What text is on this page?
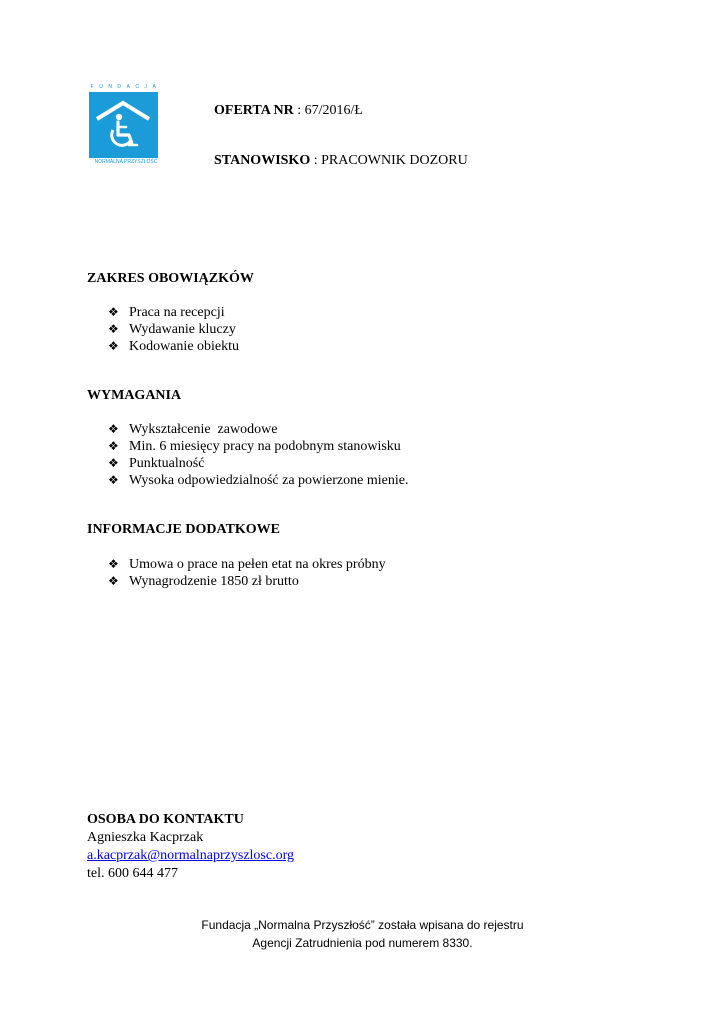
FUNDACJA
NORMALNA PRZYSZŁOŚĆ
OFERTA NR : 67/2016/Ł
STANOWISKO : PRACOWNIK DOZORU
ZAKRES OBOWIĄZKÓW
❖ Praca na recepcji
❖ Wydawanie kluczy
❖ Kodowanie obiektu
WYMAGANIA
❖ Wykształcenie  zawodowe
❖ Min. 6 miesięcy pracy na podobnym stanowisku
❖ Punktualność
❖ Wysoka odpowiedzialność za powierzone mienie.
INFORMACJE DODATKOWE
❖ Umowa o prace na pełen etat na okres próbny
❖ Wynagrodzenie 1850 zł brutto
OSOBA DO KONTAKTU
Agnieszka Kacprzak
a.kacprzak@normalnaprzyszlosc.org
tel. 600 644 477
Fundacja „Normalna Przyszłość” została wpisana do rejestru
Agencji Zatrudnienia pod numerem 8330.
